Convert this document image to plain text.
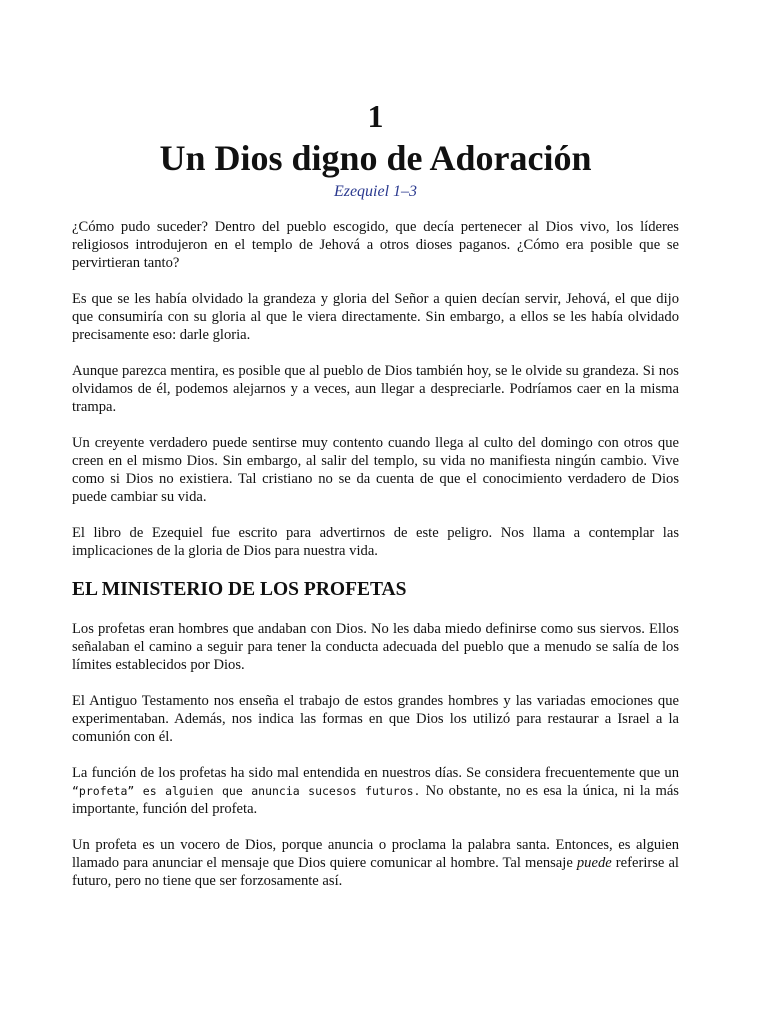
1
Un Dios digno de Adoración

Ezequiel 1–3

¿Cómo pudo suceder? Dentro del pueblo escogido, que decía pertenecer al Dios vivo, los líderes religiosos introdujeron en el templo de Jehová a otros dioses paganos. ¿Cómo era posible que se pervirtieran tanto?

Es que se les había olvidado la grandeza y gloria del Señor a quien decían servir, Jehová, el que dijo que consumiría con su gloria al que le viera directamente. Sin embargo, a ellos se les había olvidado precisamente eso: darle gloria.

Aunque parezca mentira, es posible que al pueblo de Dios también hoy, se le olvide su grandeza. Si nos olvidamos de él, podemos alejarnos y a veces, aun llegar a despreciarle. Podríamos caer en la misma trampa.

Un creyente verdadero puede sentirse muy contento cuando llega al culto del domingo con otros que creen en el mismo Dios. Sin embargo, al salir del templo, su vida no manifiesta ningún cambio. Vive como si Dios no existiera. Tal cristiano no se da cuenta de que el conocimiento verdadero de Dios puede cambiar su vida.

El libro de Ezequiel fue escrito para advertirnos de este peligro. Nos llama a contemplar las implicaciones de la gloria de Dios para nuestra vida.

EL MINISTERIO DE LOS PROFETAS

Los profetas eran hombres que andaban con Dios. No les daba miedo definirse como sus siervos. Ellos señalaban el camino a seguir para tener la conducta adecuada del pueblo que a menudo se salía de los límites establecidos por Dios.

El Antiguo Testamento nos enseña el trabajo de estos grandes hombres y las variadas emociones que experimentaban. Además, nos indica las formas en que Dios los utilizó para restaurar a Israel a la comunión con él.

La función de los profetas ha sido mal entendida en nuestros días. Se considera frecuentemente que un “profeta” es alguien que anuncia sucesos futuros. No obstante, no es esa la única, ni la más importante, función del profeta.

Un profeta es un vocero de Dios, porque anuncia o proclama la palabra santa. Entonces, es alguien llamado para anunciar el mensaje que Dios quiere comunicar al hombre. Tal mensaje puede referirse al futuro, pero no tiene que ser forzosamente así.
